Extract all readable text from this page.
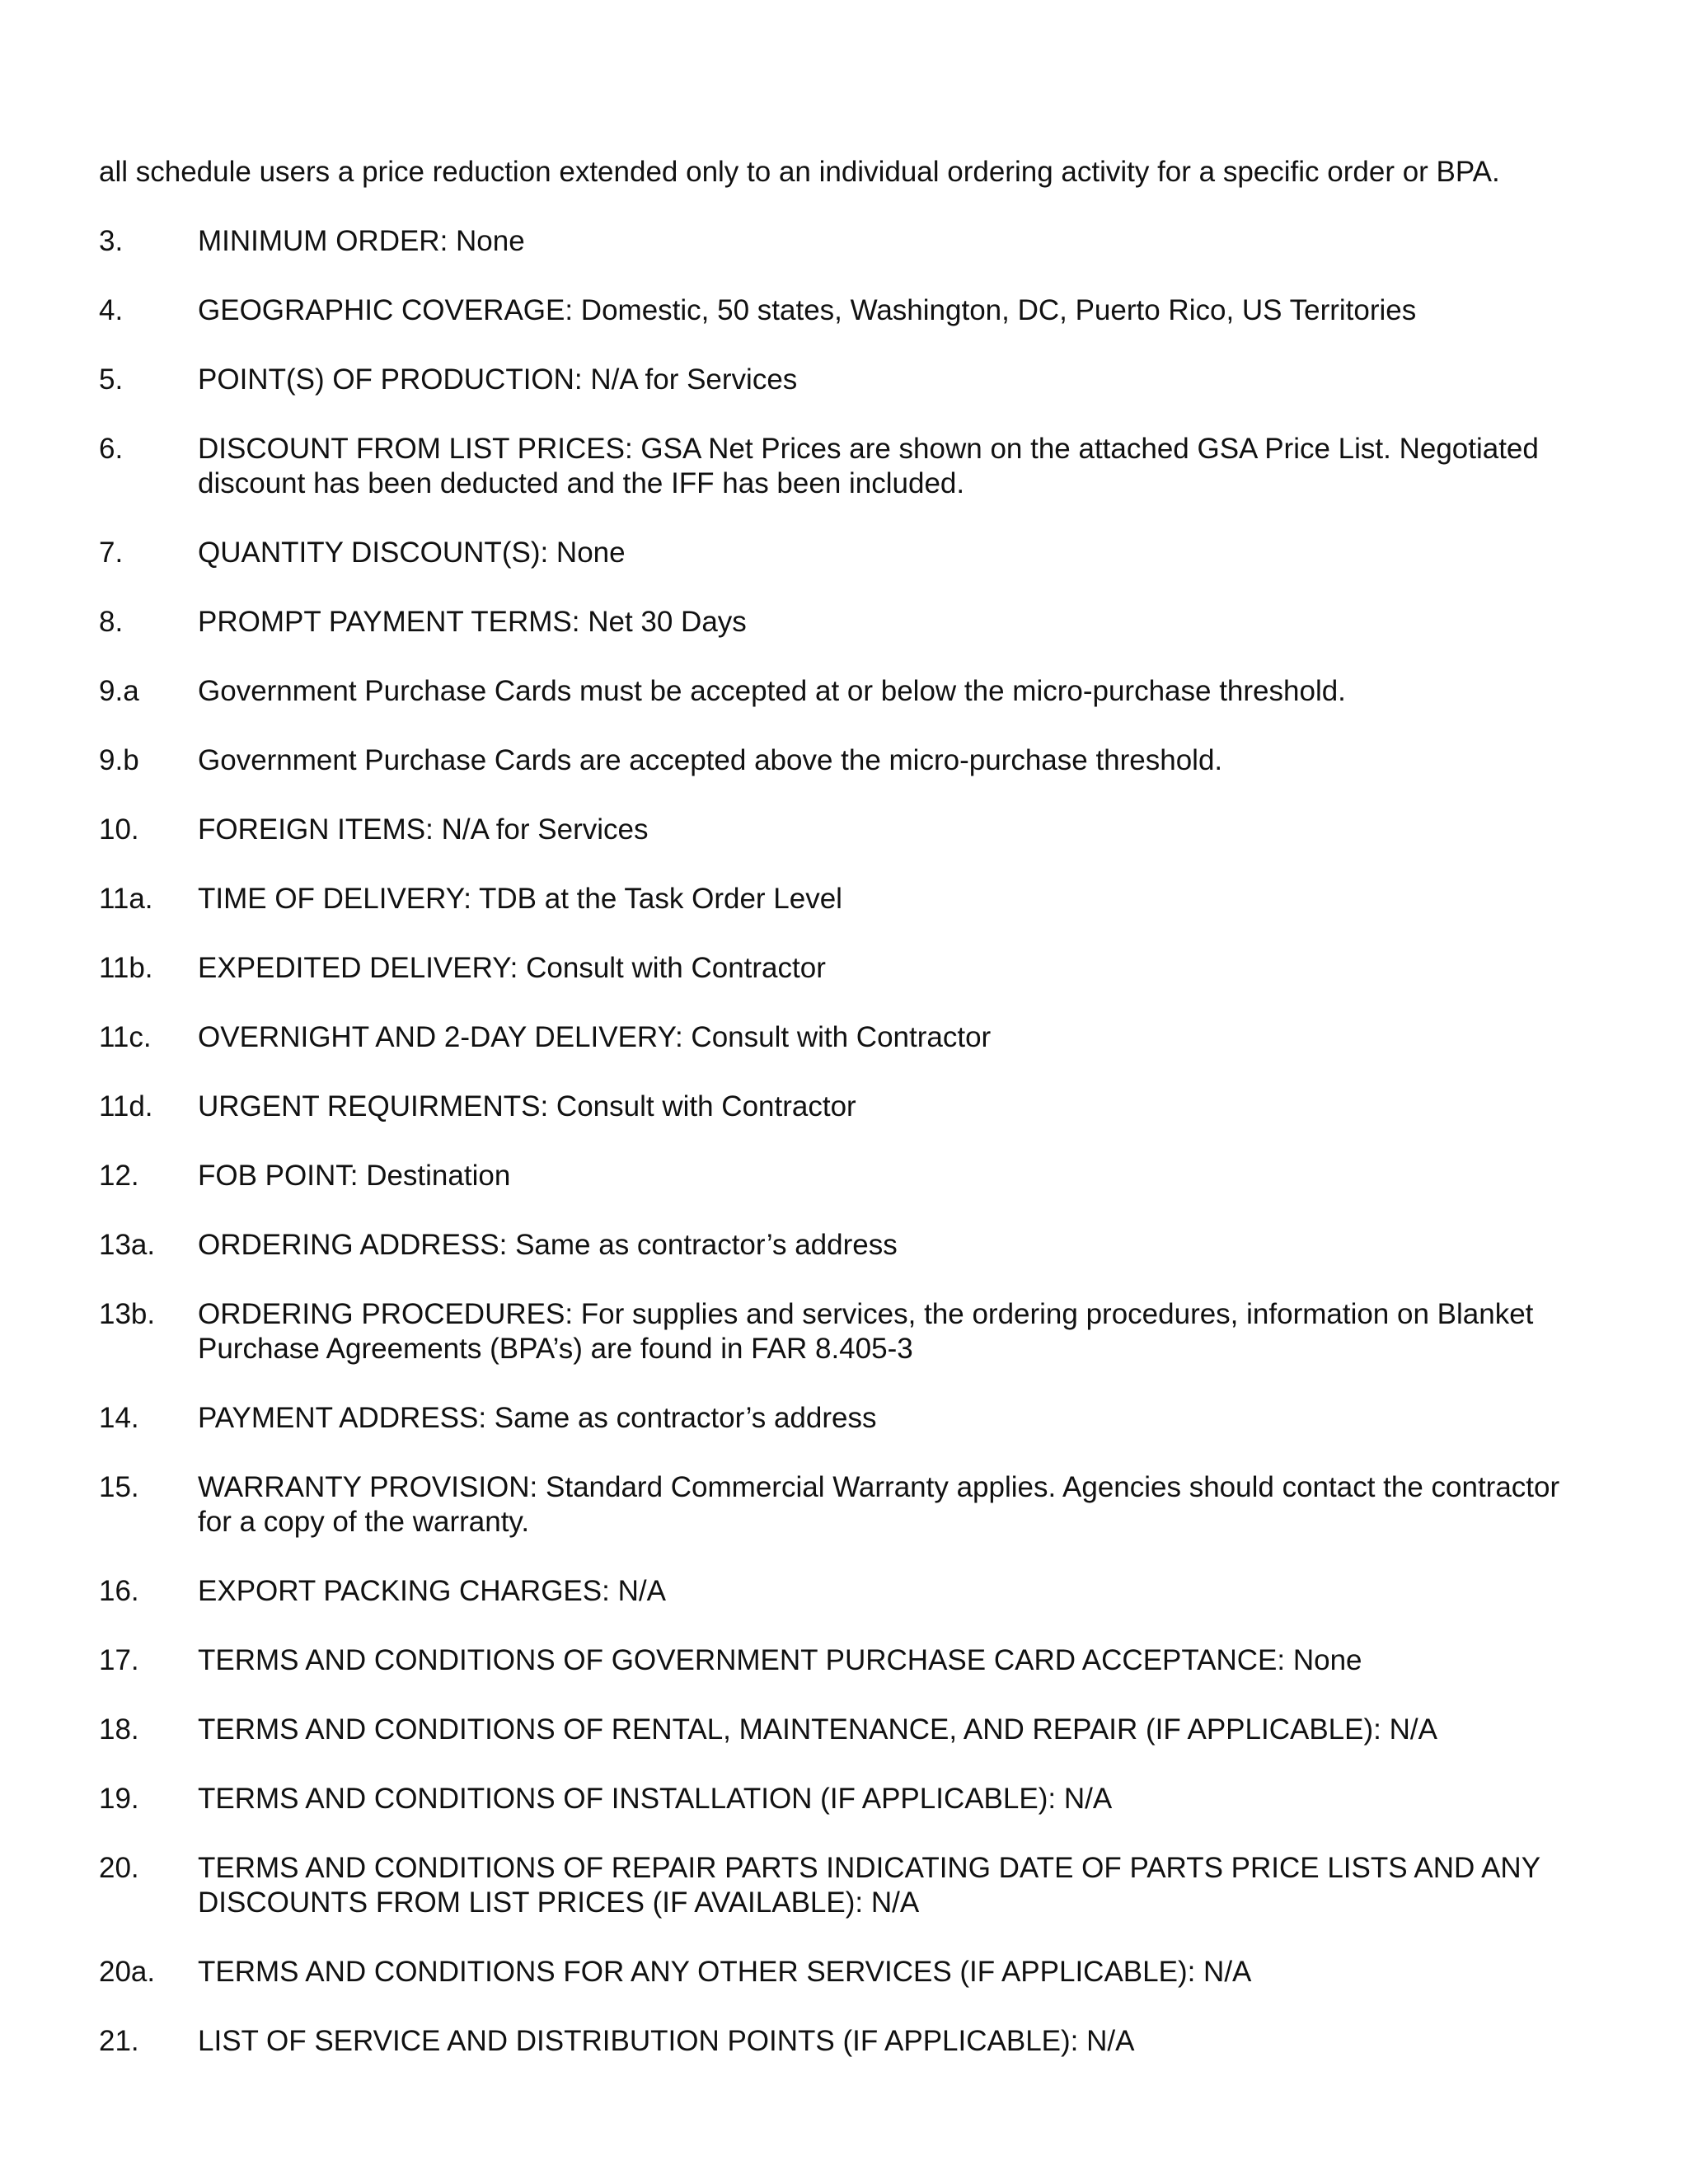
all schedule users a price reduction extended only to an individual ordering activity for a specific order or BPA.

3.	MINIMUM ORDER: None
4.	GEOGRAPHIC COVERAGE: Domestic, 50 states, Washington, DC, Puerto Rico, US Territories
5.	POINT(S) OF PRODUCTION: N/A for Services
6.	DISCOUNT FROM LIST PRICES: GSA Net Prices are shown on the attached GSA Price List. Negotiated discount has been deducted and the IFF has been included.
7.	QUANTITY DISCOUNT(S): None
8.	PROMPT PAYMENT TERMS: Net 30 Days
9.a	Government Purchase Cards must be accepted at or below the micro-purchase threshold.
9.b	Government Purchase Cards are accepted above the micro-purchase threshold.
10.	FOREIGN ITEMS: N/A for Services
11a.	TIME OF DELIVERY: TDB at the Task Order Level
11b.	EXPEDITED DELIVERY: Consult with Contractor
11c.	OVERNIGHT AND 2-DAY DELIVERY: Consult with Contractor
11d.	URGENT REQUIRMENTS: Consult with Contractor
12.	FOB POINT: Destination
13a.	ORDERING ADDRESS: Same as contractor’s address
13b.	ORDERING PROCEDURES: For supplies and services, the ordering procedures, information on Blanket Purchase Agreements (BPA’s) are found in FAR 8.405-3
14.	PAYMENT ADDRESS: Same as contractor’s address
15.	WARRANTY PROVISION: Standard Commercial Warranty applies. Agencies should contact the contractor for a copy of the warranty.
16.	EXPORT PACKING CHARGES: N/A
17.	TERMS AND CONDITIONS OF GOVERNMENT PURCHASE CARD ACCEPTANCE: None
18.	TERMS AND CONDITIONS OF RENTAL, MAINTENANCE, AND REPAIR (IF APPLICABLE): N/A
19.	TERMS AND CONDITIONS OF INSTALLATION (IF APPLICABLE): N/A
20.	TERMS AND CONDITIONS OF REPAIR PARTS INDICATING DATE OF PARTS PRICE LISTS AND ANY DISCOUNTS FROM LIST PRICES (IF AVAILABLE): N/A
20a.	TERMS AND CONDITIONS FOR ANY OTHER SERVICES (IF APPLICABLE): N/A
21.	LIST OF SERVICE AND DISTRIBUTION POINTS (IF APPLICABLE): N/A
